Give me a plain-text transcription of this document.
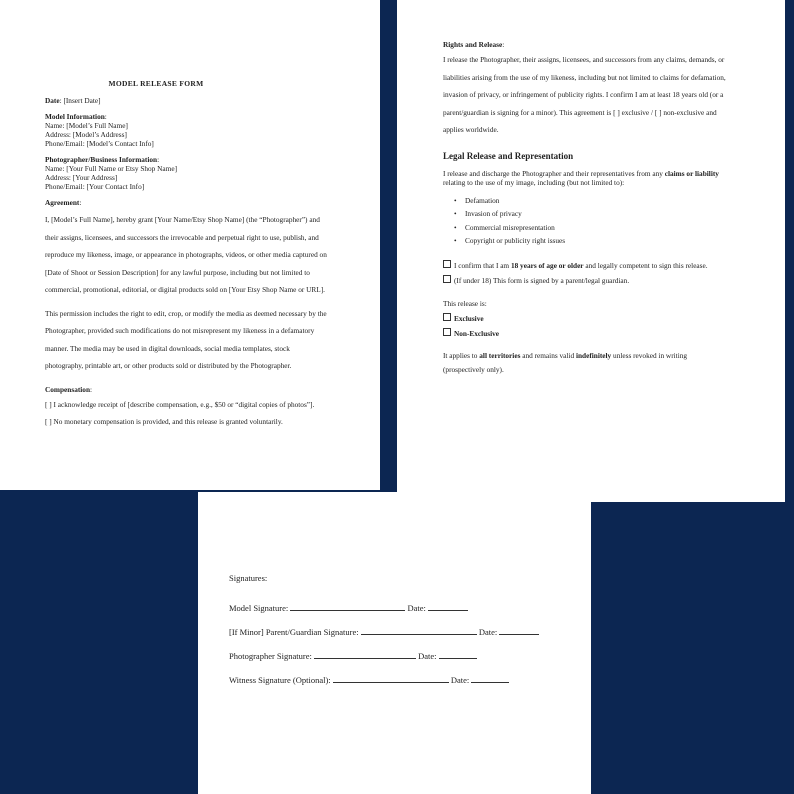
MODEL RELEASE FORM
Date: [Insert Date]
Model Information:
Name: [Model’s Full Name]
Address: [Model’s Address]
Phone/Email: [Model’s Contact Info]
Photographer/Business Information:
Name: [Your Full Name or Etsy Shop Name]
Address: [Your Address]
Phone/Email: [Your Contact Info]
Agreement:
I, [Model’s Full Name], hereby grant [Your Name/Etsy Shop Name] (the “Photographer”) and
their assigns, licensees, and successors the irrevocable and perpetual right to use, publish, and
reproduce my likeness, image, or appearance in photographs, videos, or other media captured on
[Date of Shoot or Session Description] for any lawful purpose, including but not limited to
commercial, promotional, editorial, or digital products sold on [Your Etsy Shop Name or URL].
This permission includes the right to edit, crop, or modify the media as deemed necessary by the
Photographer, provided such modifications do not misrepresent my likeness in a defamatory
manner. The media may be used in digital downloads, social media templates, stock
photography, printable art, or other products sold or distributed by the Photographer.
Compensation:
[ ] I acknowledge receipt of [describe compensation, e.g., $50 or “digital copies of photos”].
[ ] No monetary compensation is provided, and this release is granted voluntarily.
Rights and Release:
I release the Photographer, their assigns, licensees, and successors from any claims, demands, or
liabilities arising from the use of my likeness, including but not limited to claims for defamation,
invasion of privacy, or infringement of publicity rights. I confirm I am at least 18 years old (or a
parent/guardian is signing for a minor). This agreement is [ ] exclusive / [ ] non-exclusive and
applies worldwide.
Legal Release and Representation
I release and discharge the Photographer and their representatives from any claims or liability
relating to the use of my image, including (but not limited to):
• Defamation
• Invasion of privacy
• Commercial misrepresentation
• Copyright or publicity right issues
I confirm that I am 18 years of age or older and legally competent to sign this release.
(If under 18) This form is signed by a parent/legal guardian.
This release is:
Exclusive
Non-Exclusive
It applies to all territories and remains valid indefinitely unless revoked in writing
(prospectively only).
Signatures:
Model Signature:	Date:
[If Minor] Parent/Guardian Signature:	Date:
Photographer Signature:	Date:
Witness Signature (Optional):	Date:
